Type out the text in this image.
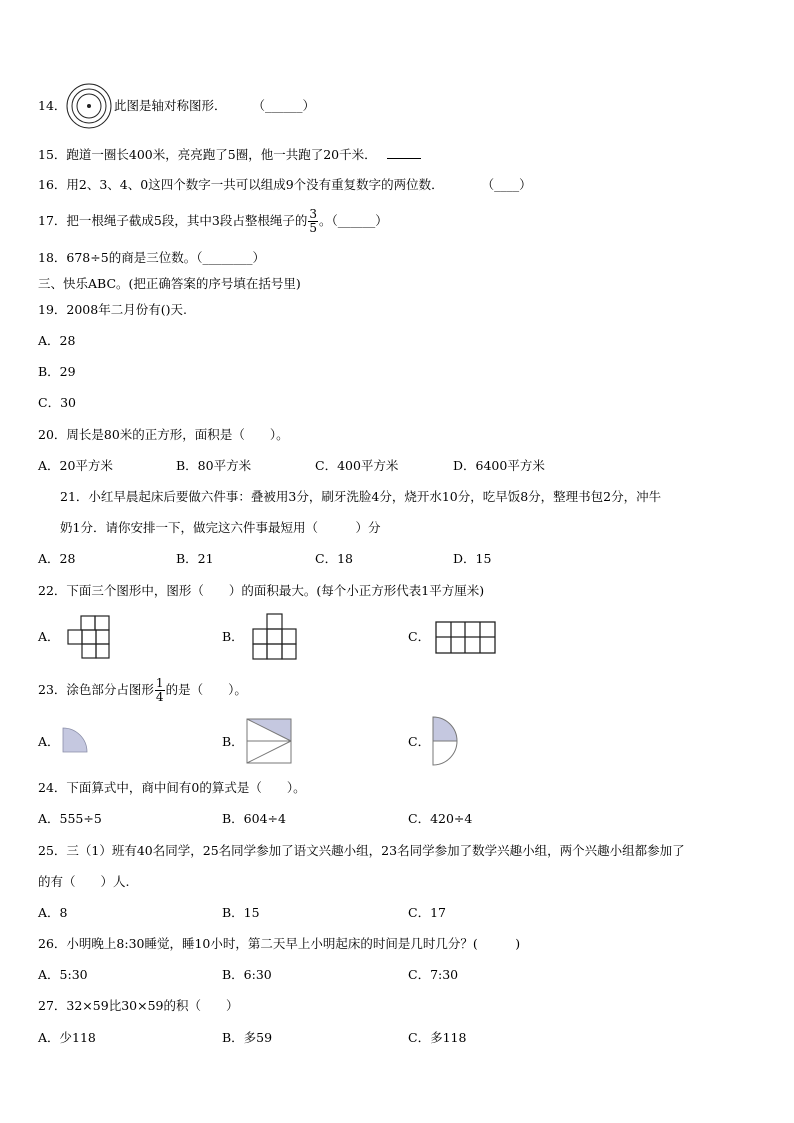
14．	此图是轴对称图形． （______）
15．跑道一圈长400米，亮亮跑了5圈，他一共跑了20千米．
16．用2、3、4、0这四个数字一共可以组成9个没有重复数字的两位数．	（____）
17．把一根绳子截成5段，其中3段占整根绳子的 $\frac{3}{5}$ 。（______）
18．678÷5的商是三位数。（________）
三、快乐ABC。(把正确答案的序号填在括号里)
19．2008年二月份有()天.
A．28
B．29
C．30
20．周长是80米的正方形，面积是（　　）。
A．20平方米	B．80平方米	C．400平方米	D．6400平方米
21．小红早晨起床后要做六件事：叠被用3分，刷牙洗脸4分，烧开水10分，吃早饭8分，整理书包2分，冲牛
奶1分．请你安排一下，做完这六件事最短用（　　　）分
A．28	B．21	C．18	D．15
22．下面三个图形中，图形（　　）的面积最大。(每个小正方形代表1平方厘米)
A．	B．	C．
23．涂色部分占图形 $\frac{1}{4}$ 的是（　　）。
A．	B．	C．
24．下面算式中，商中间有0的算式是（　　）。
A．555÷5	B．604÷4	C．420÷4
25．三（1）班有40名同学，25名同学参加了语文兴趣小组，23名同学参加了数学兴趣小组，两个兴趣小组都参加了
的有（　　）人.
A．8	B．15	C．17
26．小明晚上8:30睡觉，睡10小时，第二天早上小明起床的时间是几时几分？(　　　)
A．5:30	B．6:30	C．7:30
27．32×59比30×59的积（　　）
A．少118	B．多59	C．多118
